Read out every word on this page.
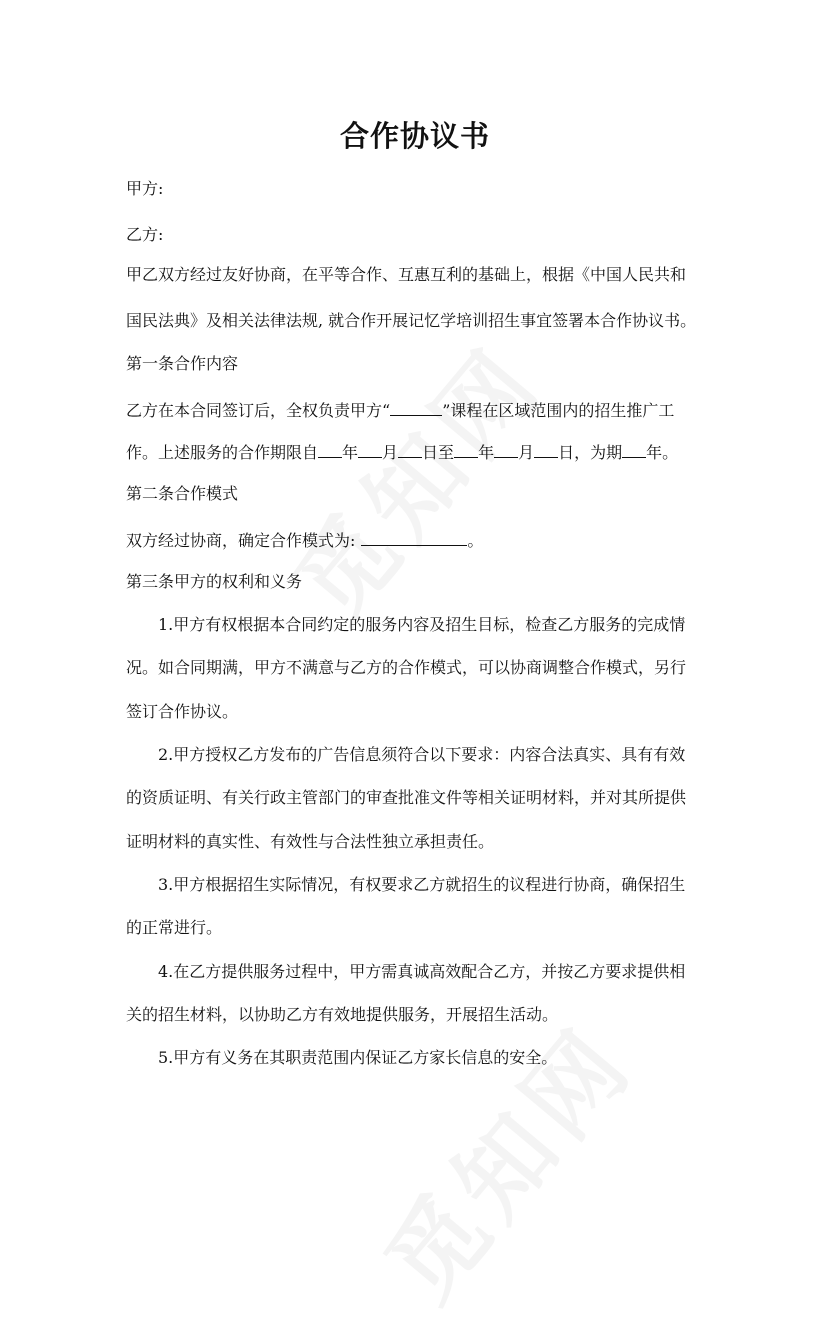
合作协议书
甲方:
乙方:
甲乙双方经过友好协商，在平等合作、互惠互利的基础上，根据《中国人民共和
国民法典》及相关法律法规, 就合作开展记忆学培训招生事宜签署本合作协议书。
第一条合作内容
乙方在本合同签订后，全权负责甲方“	”课程在区域范围内的招生推广工
作。上述服务的合作期限自 年 月 日至 年 月 日，为期 年。
第二条合作模式
双方经过协商，确定合作模式为:	。
第三条甲方的权利和义务
1.甲方有权根据本合同约定的服务内容及招生目标，检查乙方服务的完成情
况。如合同期满，甲方不满意与乙方的合作模式，可以协商调整合作模式，另行
签订合作协议。
2.甲方授权乙方发布的广告信息须符合以下要求：内容合法真实、具有有效
的资质证明、有关行政主管部门的审查批准文件等相关证明材料，并对其所提供
证明材料的真实性、有效性与合法性独立承担责任。
3.甲方根据招生实际情况，有权要求乙方就招生的议程进行协商，确保招生
的正常进行。
4.在乙方提供服务过程中，甲方需真诚高效配合乙方，并按乙方要求提供相
关的招生材料，以协助乙方有效地提供服务，开展招生活动。
5.甲方有义务在其职责范围内保证乙方家长信息的安全。
